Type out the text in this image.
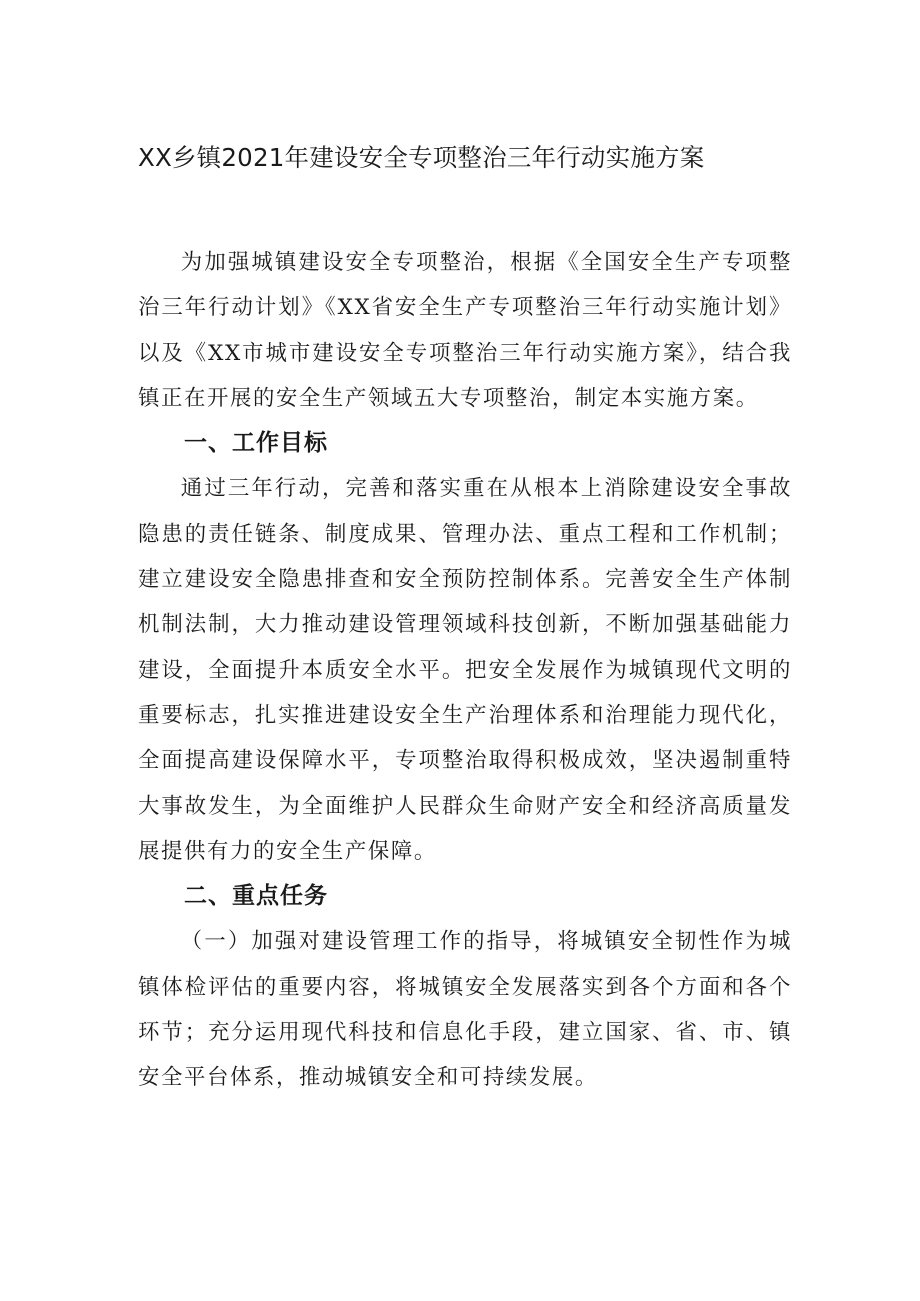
XX乡镇2021年建设安全专项整治三年行动实施方案

为加强城镇建设安全专项整治，根据《全国安全生产专项整治三年行动计划》《XX省安全生产专项整治三年行动实施计划》以及《XX市城市建设安全专项整治三年行动实施方案》，结合我镇正在开展的安全生产领域五大专项整治，制定本实施方案。

一、工作目标

通过三年行动，完善和落实重在从根本上消除建设安全事故隐患的责任链条、制度成果、管理办法、重点工程和工作机制；建立建设安全隐患排查和安全预防控制体系。完善安全生产体制机制法制，大力推动建设管理领域科技创新，不断加强基础能力建设，全面提升本质安全水平。把安全发展作为城镇现代文明的重要标志，扎实推进建设安全生产治理体系和治理能力现代化，全面提高建设保障水平，专项整治取得积极成效，坚决遏制重特大事故发生，为全面维护人民群众生命财产安全和经济高质量发展提供有力的安全生产保障。

二、重点任务

（一）加强对建设管理工作的指导，将城镇安全韧性作为城镇体检评估的重要内容，将城镇安全发展落实到各个方面和各个环节；充分运用现代科技和信息化手段，建立国家、省、市、镇安全平台体系，推动城镇安全和可持续发展。
